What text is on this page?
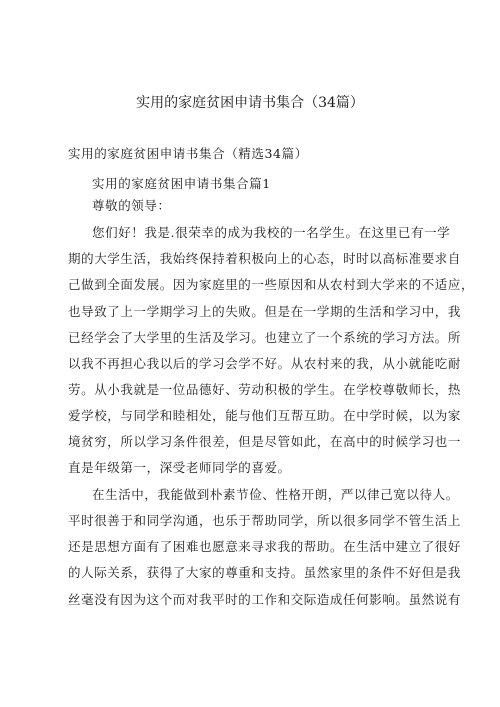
实用的家庭贫困申请书集合（34篇）
实用的家庭贫困申请书集合（精选34篇）
实用的家庭贫困申请书集合篇1
尊敬的领导：
您们好！我是.很荣幸的成为我校的一名学生。在这里已有一学
期的大学生活，我始终保持着积极向上的心态，时时以高标准要求自
己做到全面发展。因为家庭里的一些原因和从农村到大学来的不适应，
也导致了上一学期学习上的失败。但是在一学期的生活和学习中，我
已经学会了大学里的生活及学习。也建立了一个系统的学习方法。所
以我不再担心我以后的学习会学不好。从农村来的我，从小就能吃耐
劳。从小我就是一位品德好、劳动积极的学生。在学校尊敬师长，热
爱学校，与同学和睦相处，能与他们互帮互助。在中学时候，以为家
境贫穷，所以学习条件很差，但是尽管如此，在高中的时候学习也一
直是年级第一，深受老师同学的喜爱。
在生活中，我能做到朴素节俭、性格开朗，严以律己宽以待人。
平时很善于和同学沟通，也乐于帮助同学，所以很多同学不管生活上
还是思想方面有了困难也愿意来寻求我的帮助。在生活中建立了很好
的人际关系，获得了大家的尊重和支持。虽然家里的条件不好但是我
丝毫没有因为这个而对我平时的工作和交际造成任何影响。虽然说有
